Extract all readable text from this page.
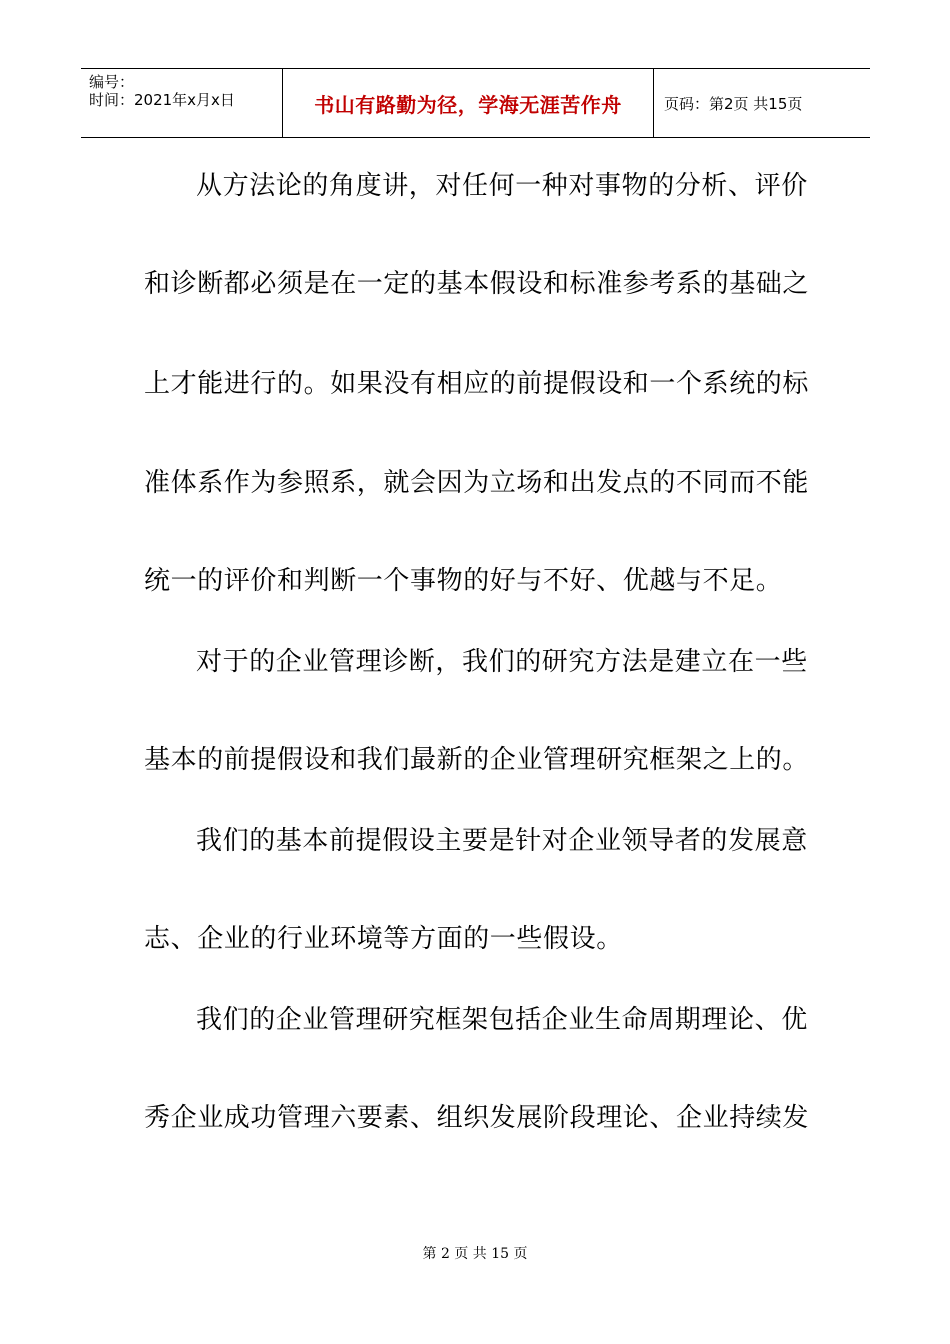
编号：
时间：2021年x月x日	书山有路勤为径，学海无涯苦作舟	页码：第2页 共15页
从方法论的角度讲，对任何一种对事物的分析、评价
和诊断都必须是在一定的基本假设和标准参考系的基础之
上才能进行的。如果没有相应的前提假设和一个系统的标
准体系作为参照系，就会因为立场和出发点的不同而不能
统一的评价和判断一个事物的好与不好、优越与不足。
对于的企业管理诊断，我们的研究方法是建立在一些
基本的前提假设和我们最新的企业管理研究框架之上的。
我们的基本前提假设主要是针对企业领导者的发展意
志、企业的行业环境等方面的一些假设。
我们的企业管理研究框架包括企业生命周期理论、优
秀企业成功管理六要素、组织发展阶段理论、企业持续发
第 2 页 共 15 页
